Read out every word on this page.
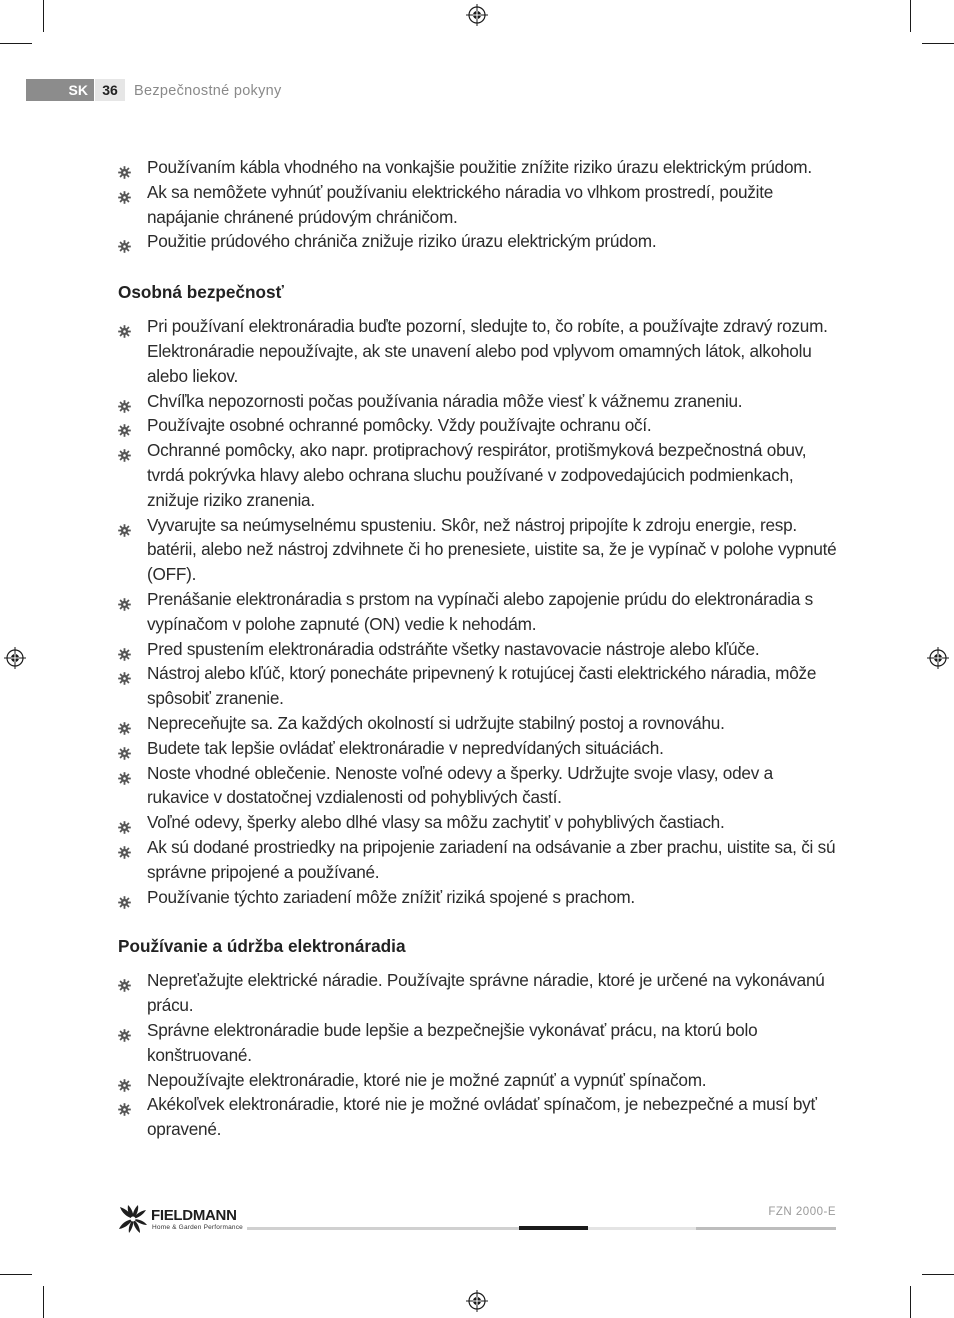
SK	36	Bezpečnostné pokyny
Používaním kábla vhodného na vonkajšie použitie znížite riziko úrazu elektrickým prúdom.
Ak sa nemôžete vyhnúť používaniu elektrického náradia vo vlhkom prostredí, použite napájanie chránené prúdovým chráničom.
Použitie prúdového chrániča znižuje riziko úrazu elektrickým prúdom.
Osobná bezpečnosť
Pri používaní elektronáradia buďte pozorní, sledujte to, čo robíte, a používajte zdravý rozum. Elektronáradie nepoužívajte, ak ste unavení alebo pod vplyvom omamných látok, alkoholu alebo liekov.
Chvíľka nepozornosti počas používania náradia môže viesť k vážnemu zraneniu.
Používajte osobné ochranné pomôcky. Vždy používajte ochranu očí.
Ochranné pomôcky, ako napr. protiprachový respirátor, protišmyková bezpečnostná obuv, tvrdá pokrývka hlavy alebo ochrana sluchu používané v zodpovedajúcich podmienkach, znižuje riziko zranenia.
Vyvarujte sa neúmyselnému spusteniu. Skôr, než nástroj pripojíte k zdroju energie, resp. batérii, alebo než nástroj zdvihnete či ho prenesiete, uistite sa, že je vypínač v polohe vypnuté (OFF).
Prenášanie elektronáradia s prstom na vypínači alebo zapojenie prúdu do elektronáradia s vypínačom v polohe zapnuté (ON) vedie k nehodám.
Pred spustením elektronáradia odstráňte všetky nastavovacie nástroje alebo kľúče.
Nástroj alebo kľúč, ktorý ponecháte pripevnený k rotujúcej časti elektrického náradia, môže spôsobiť zranenie.
Nepreceňujte sa. Za každých okolností si udržujte stabilný postoj a rovnováhu.
Budete tak lepšie ovládať elektronáradie v nepredvídaných situáciách.
Noste vhodné oblečenie. Nenoste voľné odevy a šperky. Udržujte svoje vlasy, odev a rukavice v dostatočnej vzdialenosti od pohyblivých častí.
Voľné odevy, šperky alebo dlhé vlasy sa môžu zachytiť v pohyblivých častiach.
Ak sú dodané prostriedky na pripojenie zariadení na odsávanie a zber prachu, uistite sa, či sú správne pripojené a používané.
Používanie týchto zariadení môže znížiť riziká spojené s prachom.
Používanie a údržba elektronáradia
Nepreťažujte elektrické náradie. Používajte správne náradie, ktoré je určené na vykonávanú prácu.
Správne elektronáradie bude lepšie a bezpečnejšie vykonávať prácu, na ktorú bolo konštruované.
Nepoužívajte elektronáradie, ktoré nie je možné zapnúť a vypnúť spínačom.
Akékoľvek elektronáradie, ktoré nie je možné ovládať spínačom, je nebezpečné a musí byť opravené.
FIELDMANN
Home & Garden Performance
FZN 2000-E
